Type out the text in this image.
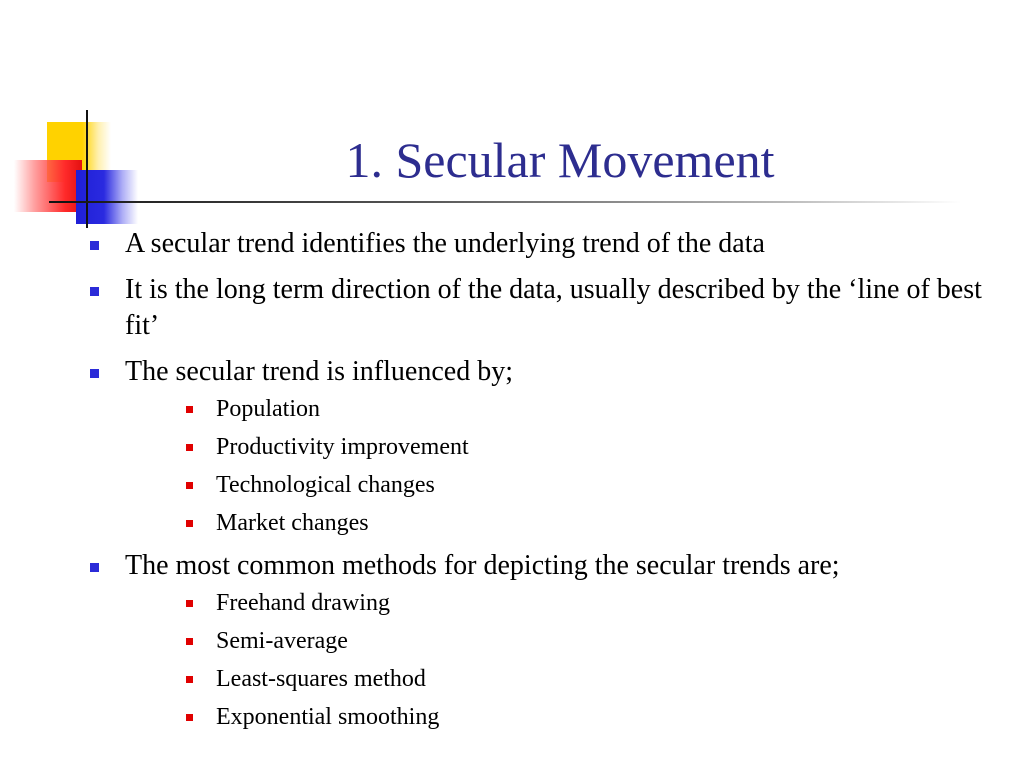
1. Secular Movement
A secular trend identifies the underlying trend of the data
It is the long term direction of the data, usually described by the ‘line of best fit’
The secular trend is influenced by;
Population
Productivity improvement
Technological changes
Market changes
The most common methods for depicting the secular trends are;
Freehand drawing
Semi-average
Least-squares method
Exponential smoothing
